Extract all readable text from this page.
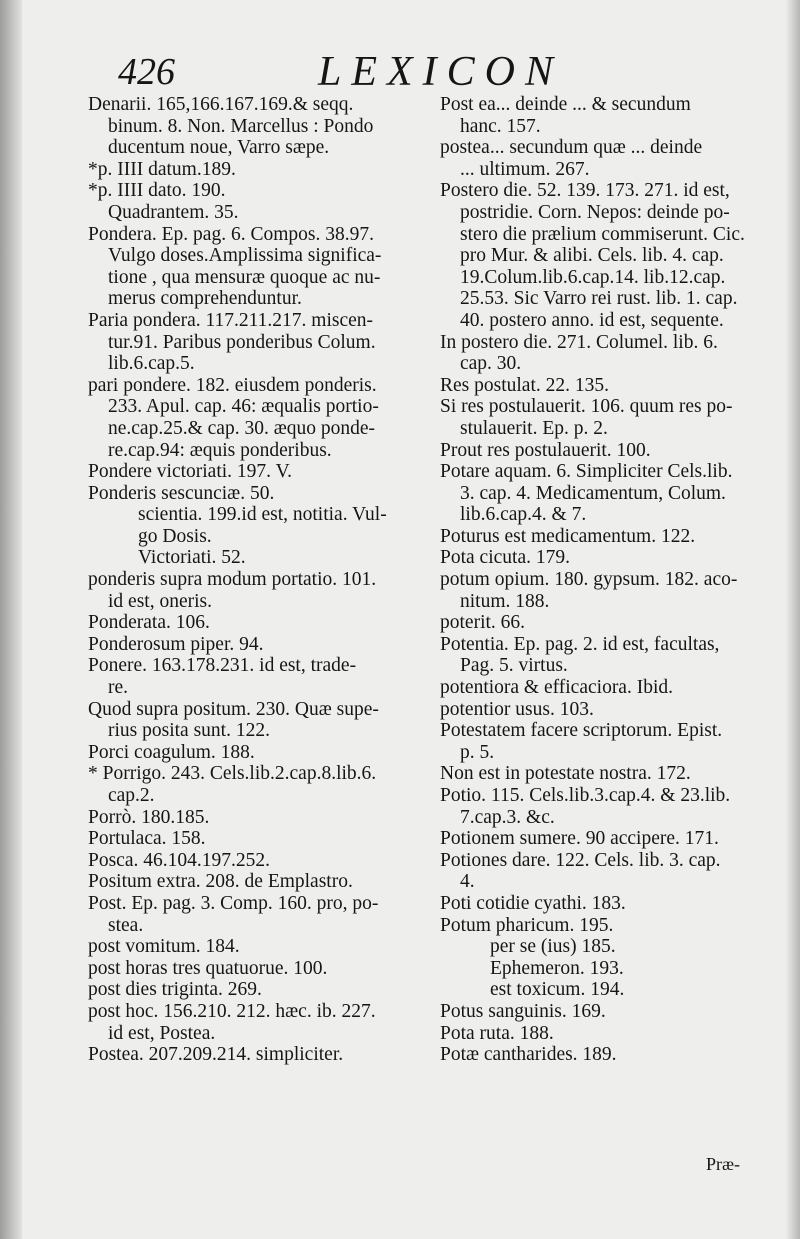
426	LEXICON
Denarii. 165,166.167.169.& seqq.
binum. 8. Non. Marcellus : Pondo
ducentum noue, Varro sæpe.
*p. IIII datum.189.
*p. IIII dato. 190.
Quadrantem. 35.
Pondera. Ep. pag. 6. Compos. 38.97.
Vulgo doses.Amplissima significa-
tione , qua mensuræ quoque ac nu-
merus comprehenduntur.
Paria pondera. 117.211.217. miscen-
tur.91. Paribus ponderibus Colum.
lib.6.cap.5.
pari pondere. 182. eiusdem ponderis.
233. Apul. cap. 46: æqualis portio-
ne.cap.25.& cap. 30. æquo ponde-
re.cap.94: æquis ponderibus.
Pondere victoriati. 197. V.
Ponderis sescunciæ. 50.
scientia. 199.id est, notitia. Vul-
go Dosis.
Victoriati. 52.
ponderis supra modum portatio. 101.
id est, oneris.
Ponderata. 106.
Ponderosum piper. 94.
Ponere. 163.178.231. id est, trade-
re.
Quod supra positum. 230. Quæ supe-
rius posita sunt. 122.
Porci coagulum. 188.
* Porrigo. 243. Cels.lib.2.cap.8.lib.6.
cap.2.
Porrò. 180.185.
Portulaca. 158.
Posca. 46.104.197.252.
Positum extra. 208. de Emplastro.
Post. Ep. pag. 3. Comp. 160. pro, po-
stea.
post vomitum. 184.
post horas tres quatuorue. 100.
post dies triginta. 269.
post hoc. 156.210. 212. hæc. ib. 227.
id est, Postea.
Postea. 207.209.214. simpliciter.
Post ea... deinde ... & secundum
hanc. 157.
postea... secundum quæ ... deinde
... ultimum. 267.
Postero die. 52. 139. 173. 271. id est,
postridie. Corn. Nepos: deinde po-
stero die prælium commiserunt. Cic.
pro Mur. & alibi. Cels. lib. 4. cap.
19.Colum.lib.6.cap.14. lib.12.cap.
25.53. Sic Varro rei rust. lib. 1. cap.
40. postero anno. id est, sequente.
In postero die. 271. Columel. lib. 6.
cap. 30.
Res postulat. 22. 135.
Si res postulauerit. 106. quum res po-
stulauerit. Ep. p. 2.
Prout res postulauerit. 100.
Potare aquam. 6. Simpliciter Cels.lib.
3. cap. 4. Medicamentum, Colum.
lib.6.cap.4. & 7.
Poturus est medicamentum. 122.
Pota cicuta. 179.
potum opium. 180. gypsum. 182. aco-
nitum. 188.
poterit. 66.
Potentia. Ep. pag. 2. id est, facultas,
Pag. 5. virtus.
potentiora & efficaciora. Ibid.
potentior usus. 103.
Potestatem facere scriptorum. Epist.
p. 5.
Non est in potestate nostra. 172.
Potio. 115. Cels.lib.3.cap.4. & 23.lib.
7.cap.3. &c.
Potionem sumere. 90 accipere. 171.
Potiones dare. 122. Cels. lib. 3. cap.
4.
Poti cotidie cyathi. 183.
Potum pharicum. 195.
per se (ius) 185.
Ephemeron. 193.
est toxicum. 194.
Potus sanguinis. 169.
Pota ruta. 188.
Potæ cantharides. 189.
Præ-
